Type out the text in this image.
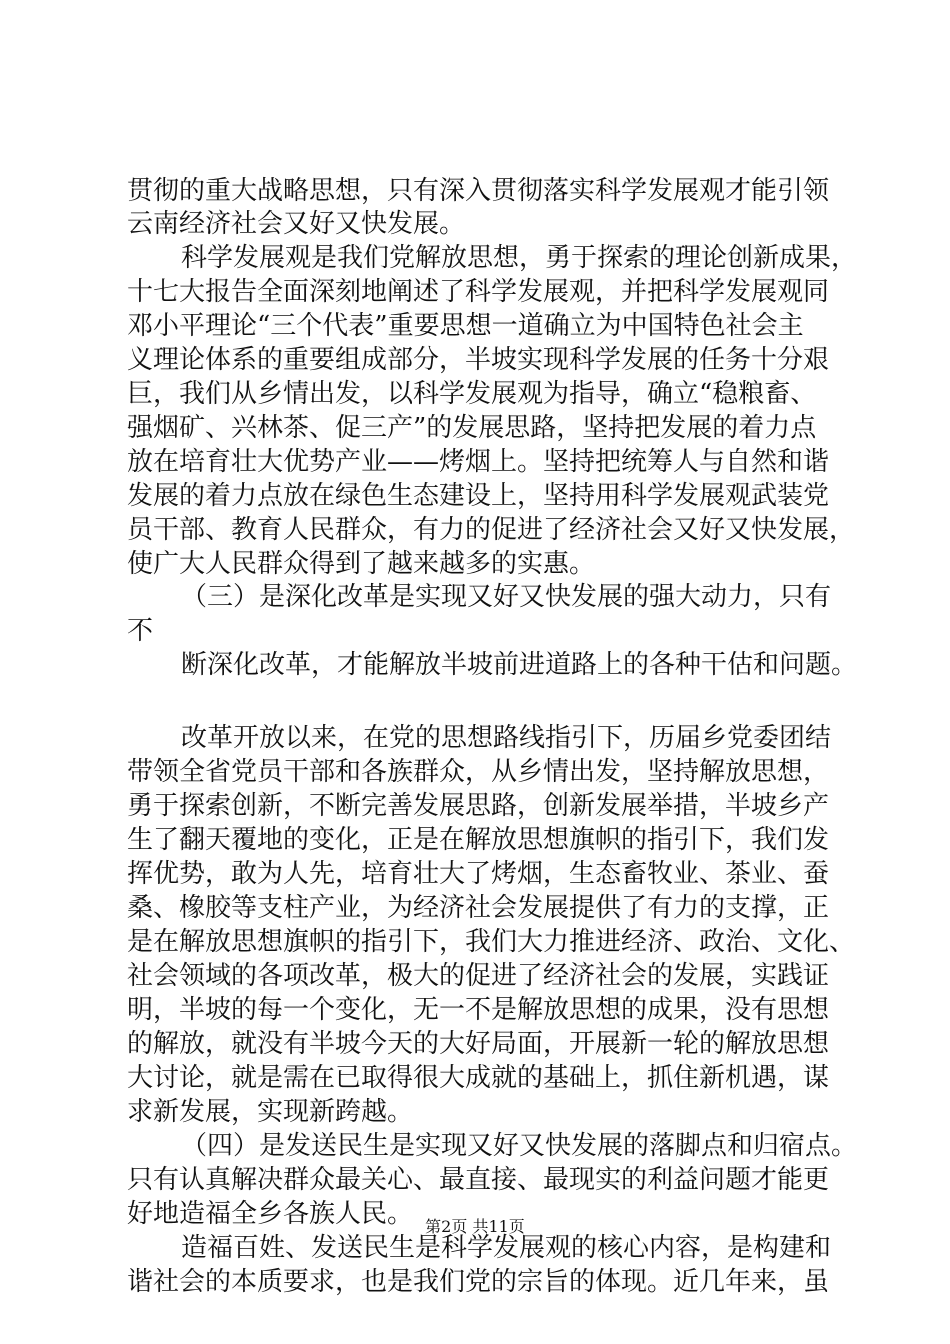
贯彻的重大战略思想，只有深入贯彻落实科学发展观才能引领
云南经济社会又好又快发展。
科学发展观是我们党解放思想，勇于探索的理论创新成果，
十七大报告全面深刻地阐述了科学发展观，并把科学发展观同
邓小平理论“三个代表”重要思想一道确立为中国特色社会主
义理论体系的重要组成部分，半坡实现科学发展的任务十分艰
巨，我们从乡情出发，以科学发展观为指导，确立“稳粮畜、
强烟矿、兴林茶、促三产”的发展思路，坚持把发展的着力点
放在培育壮大优势产业——烤烟上。坚持把统筹人与自然和谐
发展的着力点放在绿色生态建设上，坚持用科学发展观武装党
员干部、教育人民群众，有力的促进了经济社会又好又快发展，
使广大人民群众得到了越来越多的实惠。
（三）是深化改革是实现又好又快发展的强大动力，只有
不
断深化改革，才能解放半坡前进道路上的各种干估和问题。
改革开放以来，在党的思想路线指引下，历届乡党委团结
带领全省党员干部和各族群众，从乡情出发，坚持解放思想，
勇于探索创新，不断完善发展思路，创新发展举措，半坡乡产
生了翻天覆地的变化，正是在解放思想旗帜的指引下，我们发
挥优势，敢为人先，培育壮大了烤烟，生态畜牧业、茶业、蚕
桑、橡胶等支柱产业，为经济社会发展提供了有力的支撑，正
是在解放思想旗帜的指引下，我们大力推进经济、政治、文化、
社会领域的各项改革，极大的促进了经济社会的发展，实践证
明，半坡的每一个变化，无一不是解放思想的成果，没有思想
的解放，就没有半坡今天的大好局面，开展新一轮的解放思想
大讨论，就是需在已取得很大成就的基础上，抓住新机遇，谋
求新发展，实现新跨越。
（四）是发送民生是实现又好又快发展的落脚点和归宿点。
只有认真解决群众最关心、最直接、最现实的利益问题才能更
好地造福全乡各族人民。
造福百姓、发送民生是科学发展观的核心内容，是构建和
谐社会的本质要求，也是我们党的宗旨的体现。近几年来，虽
第2页 共11页
